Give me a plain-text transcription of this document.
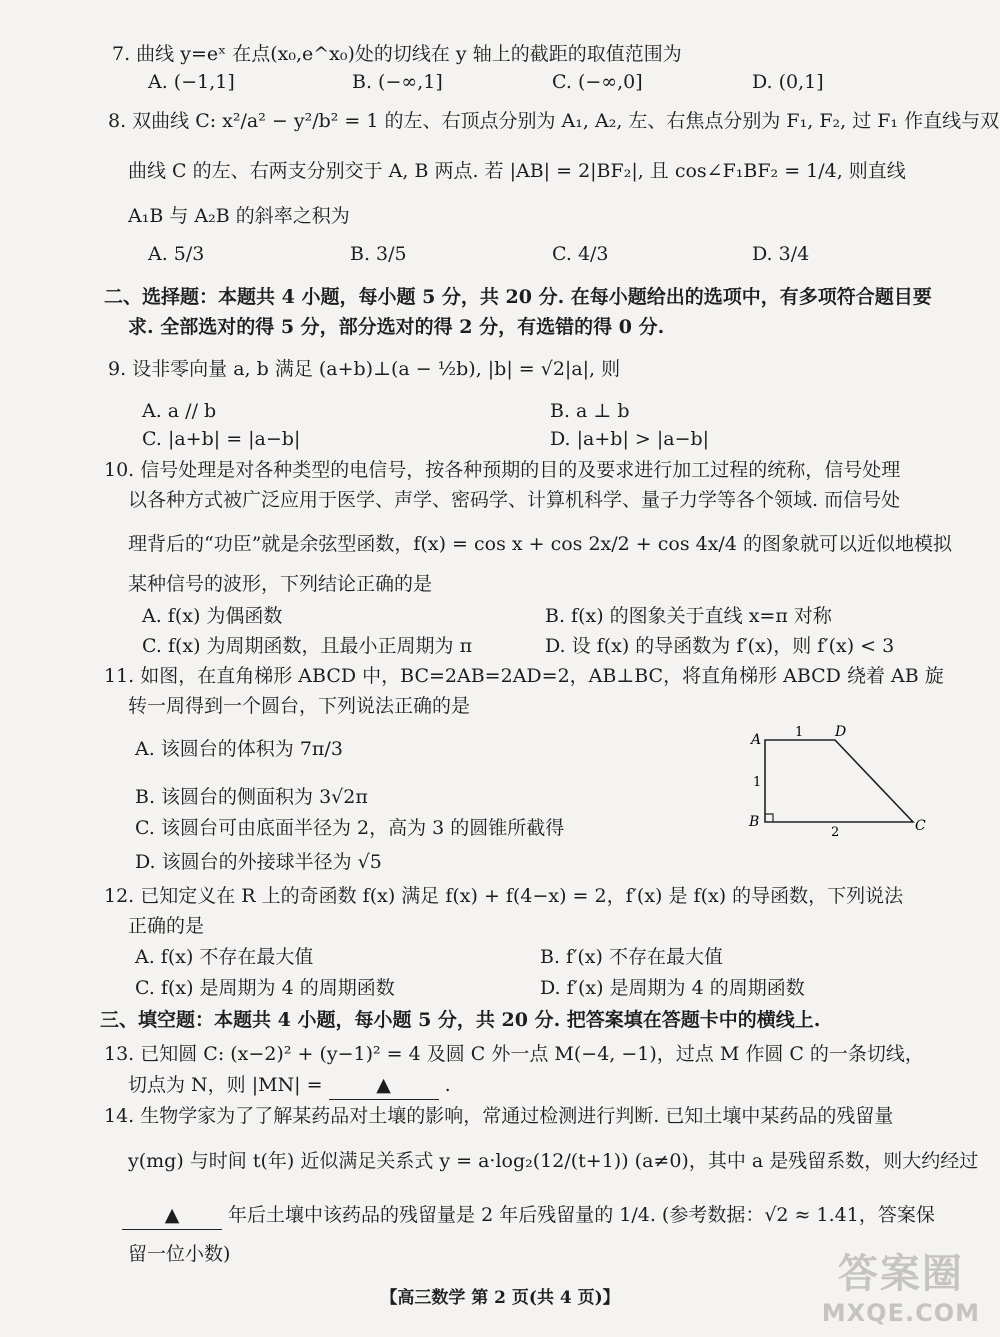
7. 曲线 y=eˣ 在点(x₀,e^x₀)处的切线在 y 轴上的截距的取值范围为
A. (−1,1]	B. (−∞,1]	C. (−∞,0]	D. (0,1]
8. 双曲线 C: x²/a² − y²/b² = 1 的左、右顶点分别为 A₁, A₂, 左、右焦点分别为 F₁, F₂, 过 F₁ 作直线与双
曲线 C 的左、右两支分别交于 A, B 两点. 若 |AB| = 2|BF₂|, 且 cos∠F₁BF₂ = 1/4, 则直线
A₁B 与 A₂B 的斜率之积为
A. 5/3	B. 3/5	C. 4/3	D. 3/4
二、选择题：本题共 4 小题，每小题 5 分，共 20 分. 在每小题给出的选项中，有多项符合题目要
求. 全部选对的得 5 分，部分选对的得 2 分，有选错的得 0 分.
9. 设非零向量 a, b 满足 (a+b)⊥(a − ½b), |b| = √2|a|, 则
A. a // b	B. a ⊥ b
C. |a+b| = |a−b|	D. |a+b| > |a−b|
10. 信号处理是对各种类型的电信号，按各种预期的目的及要求进行加工过程的统称，信号处理
以各种方式被广泛应用于医学、声学、密码学、计算机科学、量子力学等各个领域. 而信号处
理背后的“功臣”就是余弦型函数，f(x) = cos x + cos 2x/2 + cos 4x/4 的图象就可以近似地模拟
某种信号的波形，下列结论正确的是
A. f(x) 为偶函数	B. f(x) 的图象关于直线 x=π 对称
C. f(x) 为周期函数，且最小正周期为 π	D. 设 f(x) 的导函数为 f′(x)，则 f′(x) < 3
11. 如图，在直角梯形 ABCD 中，BC=2AB=2AD=2，AB⊥BC，将直角梯形 ABCD 绕着 AB 旋
转一周得到一个圆台，下列说法正确的是
A. 该圆台的体积为 7π/3
B. 该圆台的侧面积为 3√2π
C. 该圆台可由底面半径为 2，高为 3 的圆锥所截得
D. 该圆台的外接球半径为 √5
A	D
B	C
1
1
2
12. 已知定义在 R 上的奇函数 f(x) 满足 f(x) + f(4−x) = 2，f′(x) 是 f(x) 的导函数，下列说法
正确的是
A. f(x) 不存在最大值	B. f′(x) 不存在最大值
C. f(x) 是周期为 4 的周期函数	D. f′(x) 是周期为 4 的周期函数
三、填空题：本题共 4 小题，每小题 5 分，共 20 分. 把答案填在答题卡中的横线上.
13. 已知圆 C: (x−2)² + (y−1)² = 4 及圆 C 外一点 M(−4, −1)，过点 M 作圆 C 的一条切线，
切点为 N，则 |MN| =	▲	.
14. 生物学家为了了解某药品对土壤的影响，常通过检测进行判断. 已知土壤中某药品的残留量
y(mg) 与时间 t(年) 近似满足关系式 y = a·log₂(12/(t+1)) (a≠0)，其中 a 是残留系数，则大约经过
▲	年后土壤中该药品的残留量是 2 年后残留量的 1/4. (参考数据：√2 ≈ 1.41，答案保
留一位小数)
【高三数学 第 2 页(共 4 页)】
答案圈
MXQE.COM
